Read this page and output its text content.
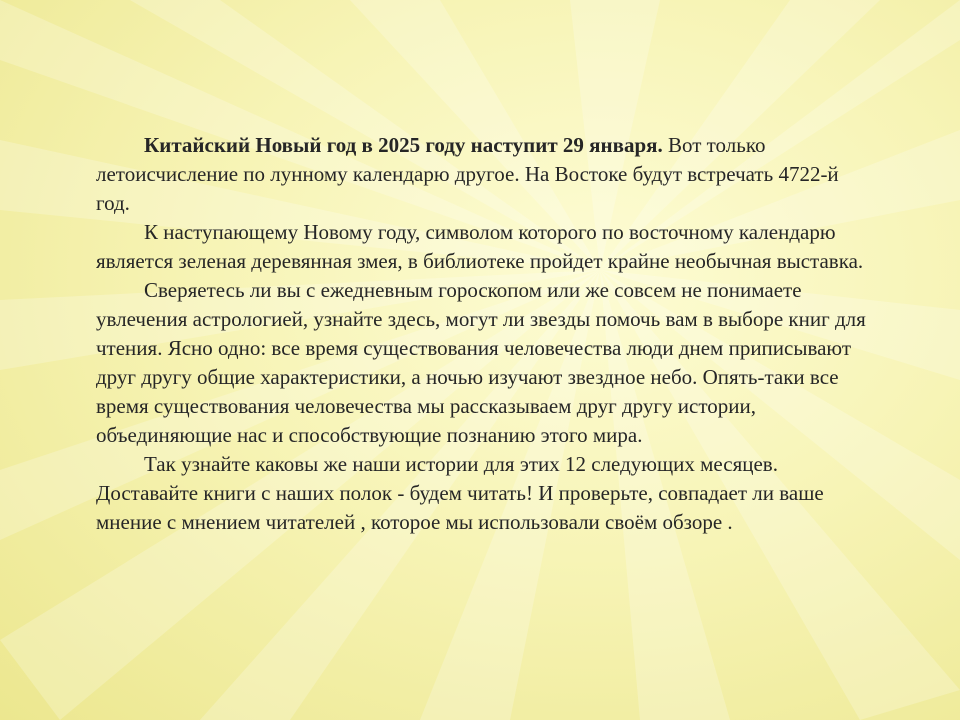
Китайский Новый год в 2025 году наступит 29 января. Вот только летоисчисление по лунному календарю другое. На Востоке будут встречать 4722-й год.

К наступающему Новому году, символом которого по восточному календарю является зеленая деревянная змея, в библиотеке пройдет крайне необычная выставка.

Сверяетесь ли вы с ежедневным гороскопом или же совсем не понимаете увлечения астрологией, узнайте здесь, могут ли звезды помочь вам в выборе книг для чтения. Ясно одно: все время существования человечества люди днем приписывают друг другу общие характеристики, а ночью изучают звездное небо. Опять-таки все время существования человечества мы рассказываем друг другу истории, объединяющие нас и способствующие познанию этого мира.

Так узнайте каковы же наши истории для этих 12 следующих месяцев. Доставайте книги с наших полок - будем читать! И проверьте, совпадает ли ваше мнение с мнением читателей , которое мы использовали своём обзоре .
